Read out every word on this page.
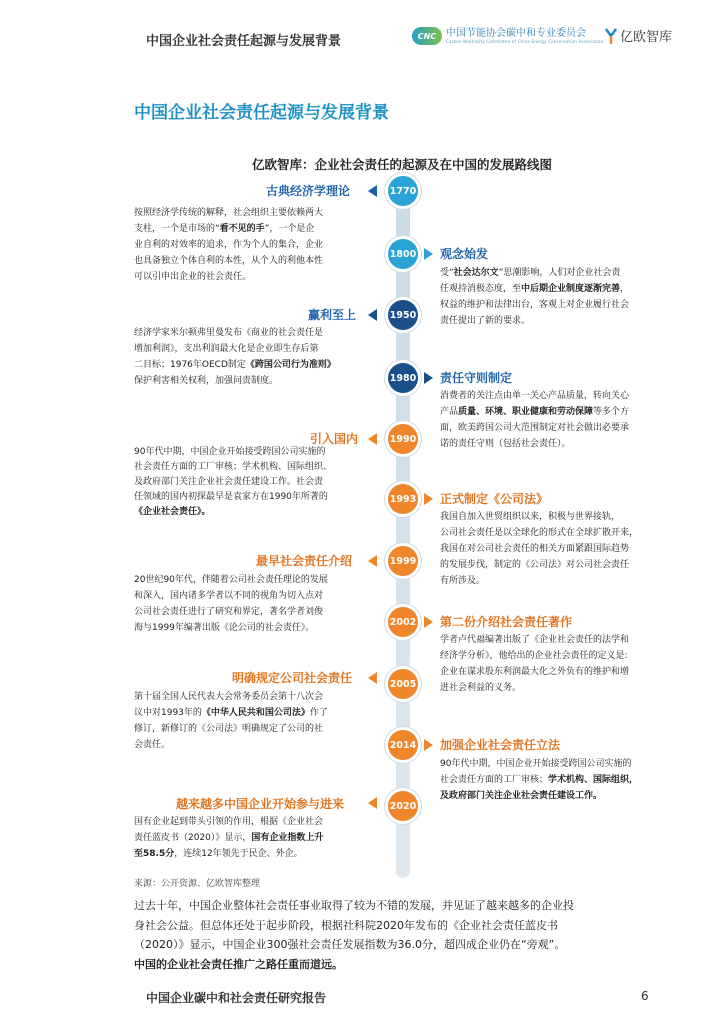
中国企业社会责任起源与发展背景	CNC 中国节能协会碳中和专业委员会
Carbon Neutrality Committee of China Energy Conservation Association 亿欧智库
中国企业社会责任起源与发展背景
亿欧智库：企业社会责任的起源及在中国的发展路线图
1770
古典经济学理论
按照经济学传统的解释，社会组织主要依赖两大
支柱，一个是市场的“看不见的手”，一个是企
业自利的对效率的追求，作为个人的集合，企业
也具备独立个体自利的本性，从个人的利他本性
可以引申出企业的社会责任。
1800 观念始发
受“社会达尔文”思潮影响，人们对企业社会责
任观持消极态度，至中后期企业制度逐渐完善，
权益的维护和法律出台，客观上对企业履行社会
责任提出了新的要求。
1950
赢利至上
经济学家米尔顿弗里曼发布《商业的社会责任是
增加利润》，支出利润最大化是企业即生存后第
二目标；1976年OECD制定《跨国公司行为准则》
保护利害相关权利，加强问责制度。	1980 责任守则制定
消费者的关注点由单一关心产品质量，转向关心
产品质量、环境、职业健康和劳动保障等多个方
面，欧美跨国公司大范围制定对社会做出必要承
诺的责任守则（包括社会责任）。
1990
引入国内
90年代中期，中国企业开始接受跨国公司实施的
社会责任方面的工厂审核；学术机构、国际组织、
及政府部门关注企业社会责任建设工作。社会责
任领域的国内初探最早是袁家方在1990年所著的
《企业社会责任》。
1993 正式制定《公司法》
我国自加入世贸组织以来，积极与世界接轨，
公司社会责任是以全球化的形式在全球扩散开来，
我国在对公司社会责任的相关方面紧跟国际趋势
的发展步伐，制定的《公司法》对公司社会责任
有所涉及。
1999
最早社会责任介绍
20世纪90年代，伴随着公司社会责任理论的发展
和深入，国内诸多学者以不同的视角为切入点对
公司社会责任进行了研究和界定，著名学者刘俊
海与1999年编著出版《论公司的社会责任》。
2002 第二份介绍社会责任著作
学者卢代福编著出版了《企业社会责任的法学和
经济学分析》，他给出的企业社会责任的定义是:
企业在谋求股东利润最大化之外负有的维护和增
进社会利益的义务。
2005
明确规定公司社会责任
第十届全国人民代表大会常务委员会第十八次会
议中对1993年的《中华人民共和国公司法》作了
修订，新修订的《公司法》明确规定了公司的社
会责任。	2014 加强企业社会责任立法
90年代中期，中国企业开始接受跨国公司实施的
社会责任方面的工厂审核；学术机构、国际组织，
及政府部门关注企业社会责任建设工作。
2020
越来越多中国企业开始参与进来
国有企业起到带头引领的作用，根据《企业社会
责任蓝皮书（2020）》显示，国有企业指数上升
至58.5分，连续12年领先于民企、外企。
来源：公开资源、亿欧智库整理
过去十年，中国企业整体社会责任事业取得了较为不错的发展，并见证了越来越多的企业投
身社会公益。但总体还处于起步阶段，根据社科院2020年发布的《企业社会责任蓝皮书
（2020）》显示，中国企业300强社会责任发展指数为36.0分，超四成企业仍在“旁观”。
中国的企业社会责任推广之路任重而道远。
中国企业碳中和社会责任研究报告	6
